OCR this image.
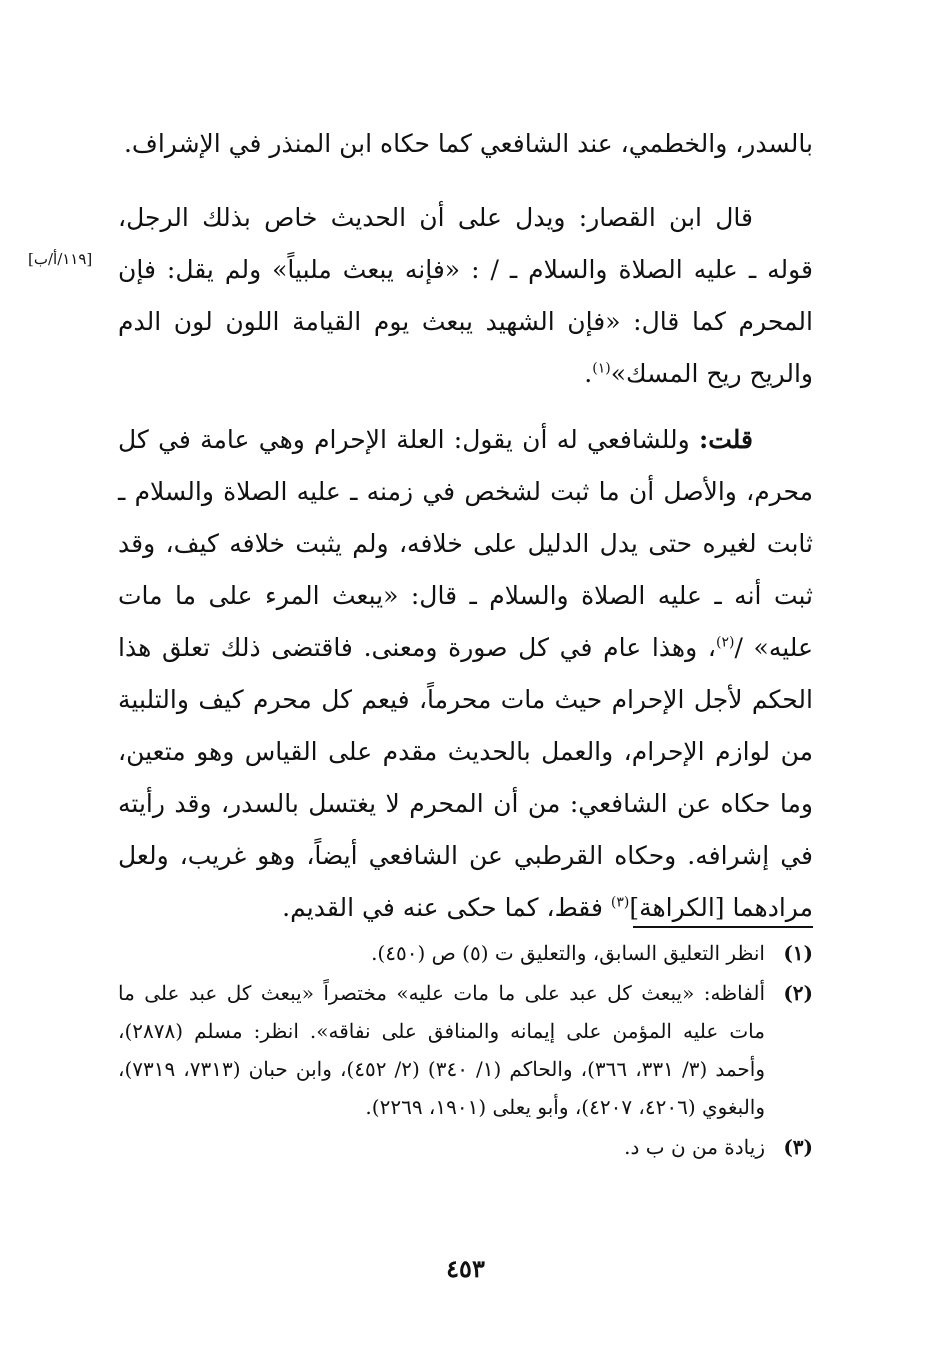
[١١٩/أ/ب]

بالسدر، والخطمي، عند الشافعي كما حكاه ابن المنذر في الإشراف.

قال ابن القصار: ويدل على أن الحديث خاص بذلك الرجل، قوله ـ عليه الصلاة والسلام ـ / : «فإنه يبعث ملبياً» ولم يقل: فإن المحرم كما قال: «فإن الشهيد يبعث يوم القيامة اللون لون الدم والريح ريح المسك»$^{(١)}$.

قلت: وللشافعي له أن يقول: العلة الإحرام وهي عامة في كل محرم، والأصل أن ما ثبت لشخص في زمنه ـ عليه الصلاة والسلام ـ ثابت لغيره حتى يدل الدليل على خلافه، ولم يثبت خلافه كيف، وقد ثبت أنه ـ عليه الصلاة والسلام ـ قال: «يبعث المرء على ما مات عليه» /$^{(٢)}$، وهذا عام في كل صورة ومعنى. فاقتضى ذلك تعلق هذا الحكم لأجل الإحرام حيث مات محرماً، فيعم كل محرم كيف والتلبية من لوازم الإحرام، والعمل بالحديث مقدم على القياس وهو متعين، وما حكاه عن الشافعي: من أن المحرم لا يغتسل بالسدر، وقد رأيته في إشرافه. وحكاه القرطبي عن الشافعي أيضاً، وهو غريب، ولعل مرادهما [الكراهة]$^{(٣)}$ فقط، كما حكى عنه في القديم.

(١)
انظر التعليق السابق، والتعليق ت (٥) ص (٤٥٠).
(٢)
ألفاظه: «يبعث كل عبد على ما مات عليه» مختصراً «يبعث كل عبد على ما مات عليه المؤمن على إيمانه والمنافق على نفاقه». انظر: مسلم (٢٨٧٨)، وأحمد (٣/ ٣٣١، ٣٦٦)، والحاكم (١/ ٣٤٠) (٢/ ٤٥٢)، وابن حبان (٧٣١٣، ٧٣١٩)، والبغوي (٤٢٠٦، ٤٢٠٧)، وأبو يعلى (١٩٠١، ٢٢٦٩).
(٣)
زيادة من ن ب د.
٤٥٣
